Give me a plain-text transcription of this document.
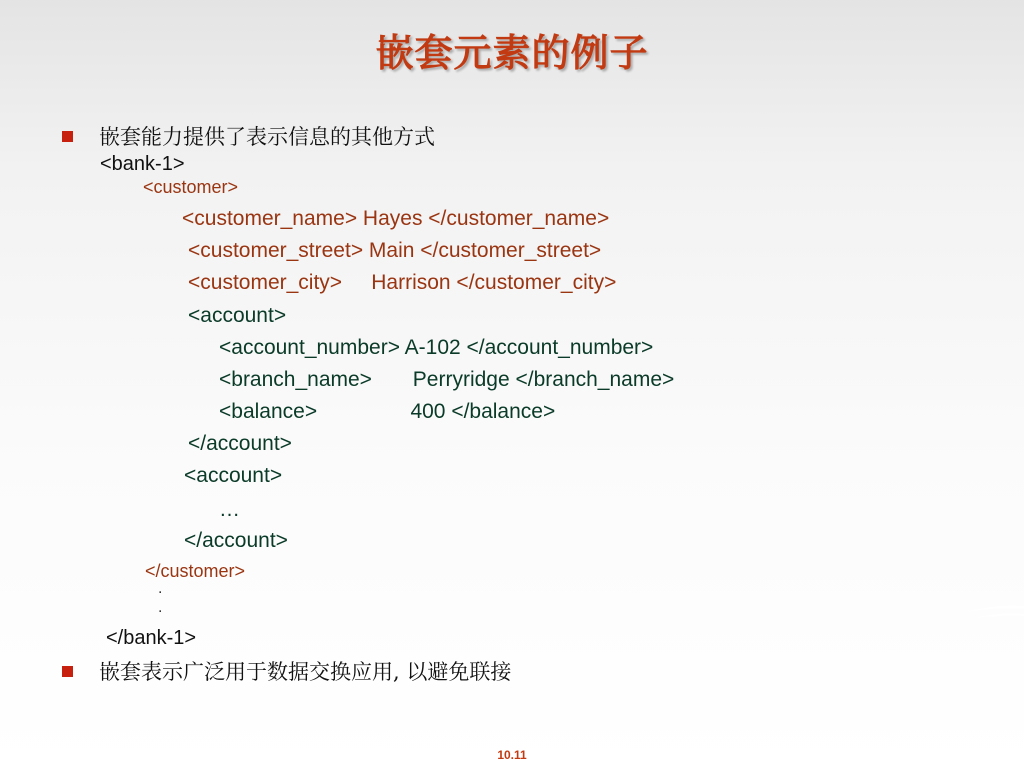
嵌套元素的例子
嵌套能力提供了表示信息的其他方式
<bank-1>
<customer>
<customer_name> Hayes </customer_name>
<customer_street> Main </customer_street>
<customer_city>     Harrison </customer_city>
<account>
<account_number> A-102 </account_number>
<branch_name>       Perryridge </branch_name>
<balance>                400 </balance>
</account>
<account>
…
</account>
</customer>
.
.
</bank-1>
嵌套表示广泛用于数据交换应用, 以避免联接
10.11
